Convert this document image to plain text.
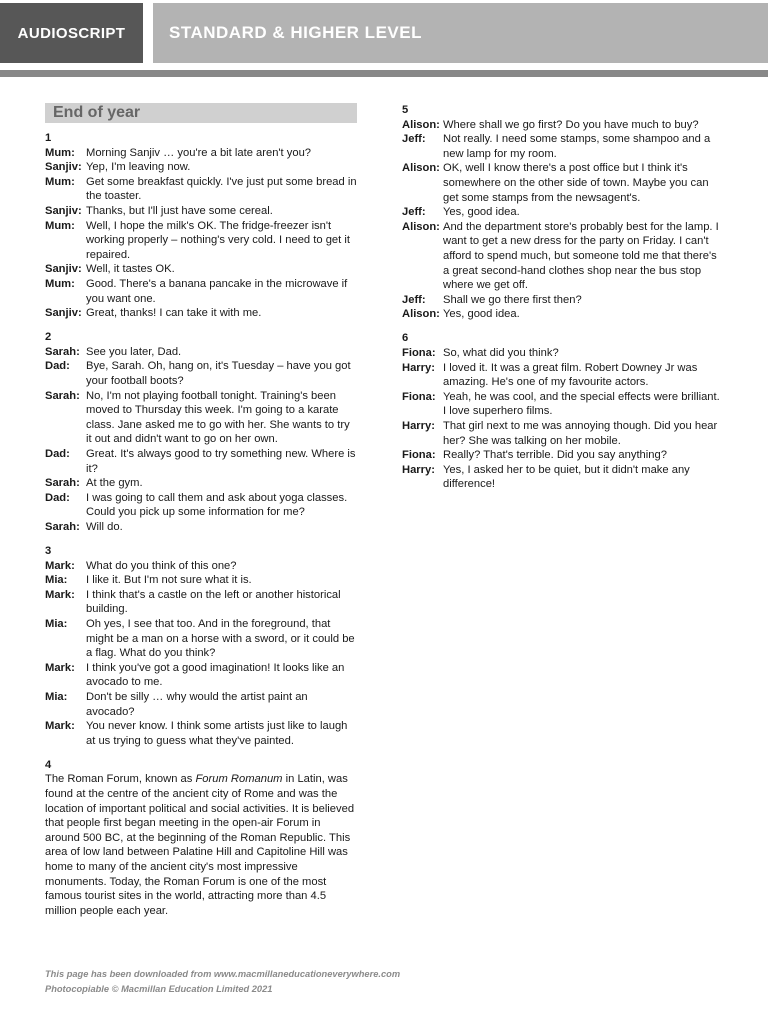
AUDIOSCRIPT	STANDARD & HIGHER LEVEL
End of year
1
Mum: Morning Sanjiv … you're a bit late aren't you?
Sanjiv: Yep, I'm leaving now.
Mum: Get some breakfast quickly. I've just put some bread in the toaster.
Sanjiv: Thanks, but I'll just have some cereal.
Mum: Well, I hope the milk's OK. The fridge-freezer isn't working properly – nothing's very cold. I need to get it repaired.
Sanjiv: Well, it tastes OK.
Mum: Good. There's a banana pancake in the microwave if you want one.
Sanjiv: Great, thanks! I can take it with me.
2
Sarah: See you later, Dad.
Dad:	Bye, Sarah. Oh, hang on, it's Tuesday – have you got your football boots?
Sarah: No, I'm not playing football tonight. Training's been moved to Thursday this week. I'm going to a karate class. Jane asked me to go with her. She wants to try it out and didn't want to go on her own.
Dad:	Great. It's always good to try something new. Where is it?
Sarah: At the gym.
Dad:	I was going to call them and ask about yoga classes. Could you pick up some information for me?
Sarah: Will do.
3
Mark: What do you think of this one?
Mia:	I like it. But I'm not sure what it is.
Mark: I think that's a castle on the left or another historical building.
Mia:	Oh yes, I see that too. And in the foreground, that might be a man on a horse with a sword, or it could be a flag. What do you think?
Mark: I think you've got a good imagination! It looks like an avocado to me.
Mia:	Don't be silly … why would the artist paint an avocado?
Mark: You never know. I think some artists just like to laugh at us trying to guess what they've painted.
4
The Roman Forum, known as Forum Romanum in Latin, was found at the centre of the ancient city of Rome and was the location of important political and social activities. It is believed that people first began meeting in the open-air Forum in around 500 BC, at the beginning of the Roman Republic. This area of low land between Palatine Hill and Capitoline Hill was home to many of the ancient city's most impressive monuments. Today, the Roman Forum is one of the most famous tourist sites in the world, attracting more than 4.5 million people each year.
5
Alison: Where shall we go first? Do you have much to buy?
Jeff:	Not really. I need some stamps, some shampoo and a new lamp for my room.
Alison: OK, well I know there's a post office but I think it's somewhere on the other side of town. Maybe you can get some stamps from the newsagent's.
Jeff:	Yes, good idea.
Alison: And the department store's probably best for the lamp. I want to get a new dress for the party on Friday. I can't afford to spend much, but someone told me that there's a great second-hand clothes shop near the bus stop where we get off.
Jeff:	Shall we go there first then?
Alison: Yes, good idea.
6
Fiona: So, what did you think?
Harry: I loved it. It was a great film. Robert Downey Jr was amazing. He's one of my favourite actors.
Fiona: Yeah, he was cool, and the special effects were brilliant. I love superhero films.
Harry: That girl next to me was annoying though. Did you hear her? She was talking on her mobile.
Fiona: Really? That's terrible. Did you say anything?
Harry: Yes, I asked her to be quiet, but it didn't make any difference!
This page has been downloaded from www.macmillaneducationeverywhere.com
Photocopiable © Macmillan Education Limited 2021
